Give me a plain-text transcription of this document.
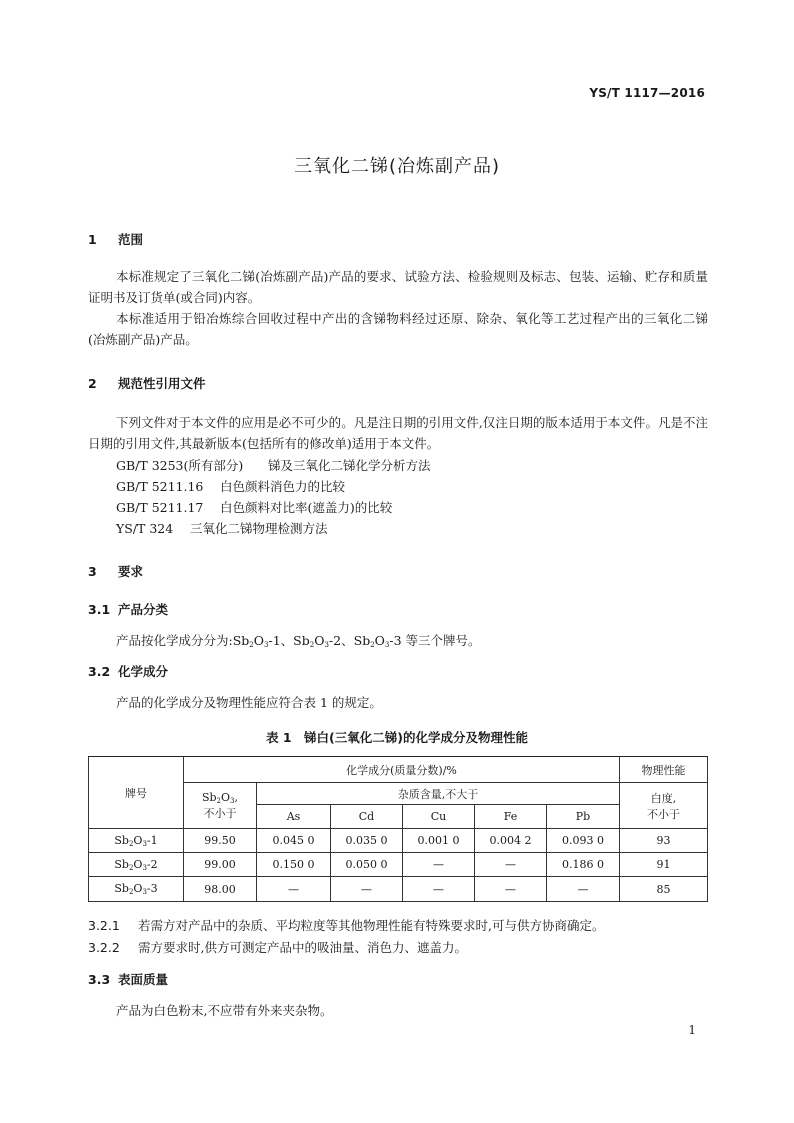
YS/T 1117—2016
三氧化二锑(冶炼副产品)
1 范围
本标准规定了三氧化二锑(冶炼副产品)产品的要求、试验方法、检验规则及标志、包装、运输、贮存和质量证明书及订货单(或合同)内容。
本标准适用于铅冶炼综合回收过程中产出的含锑物料经过还原、除杂、氧化等工艺过程产出的三氧化二锑(冶炼副产品)产品。
2 规范性引用文件
下列文件对于本文件的应用是必不可少的。凡是注日期的引用文件,仅注日期的版本适用于本文件。凡是不注日期的引用文件,其最新版本(包括所有的修改单)适用于本文件。
GB/T 3253(所有部分) 锑及三氧化二锑化学分析方法
GB/T 5211.16 白色颜料消色力的比较
GB/T 5211.17 白色颜料对比率(遮盖力)的比较
YS/T 324 三氧化二锑物理检测方法
3 要求
3.1 产品分类
产品按化学成分分为$:Sb_2O_3-1$、$Sb_2O_3-2$、$Sb_2O_3-3$ 等三个牌号。
3.2 化学成分
产品的化学成分及物理性能应符合表 1 的规定。
表 1　锑白(三氧化二锑)的化学成分及物理性能
牌号	化学成分(质量分数)/%						物理性能
	$Sb_2O_3$,
不小于	杂质含量,不大于					白度,
不小于
		As	Cd	Cu	Fe	Pb	
$Sb_2O_3-1$	99.50	0.045 0	0.035 0	0.001 0	0.004 2	0.093 0	93
$Sb_2O_3-2$	99.00	0.150 0	0.050 0	—	—	0.186 0	91
$Sb_2O_3-3$	98.00	—	—	—	—	—	85
3.2.1 若需方对产品中的杂质、平均粒度等其他物理性能有特殊要求时,可与供方协商确定。
3.2.2 需方要求时,供方可测定产品中的吸油量、消色力、遮盖力。
3.3 表面质量
产品为白色粉末,不应带有外来夹杂物。
1
